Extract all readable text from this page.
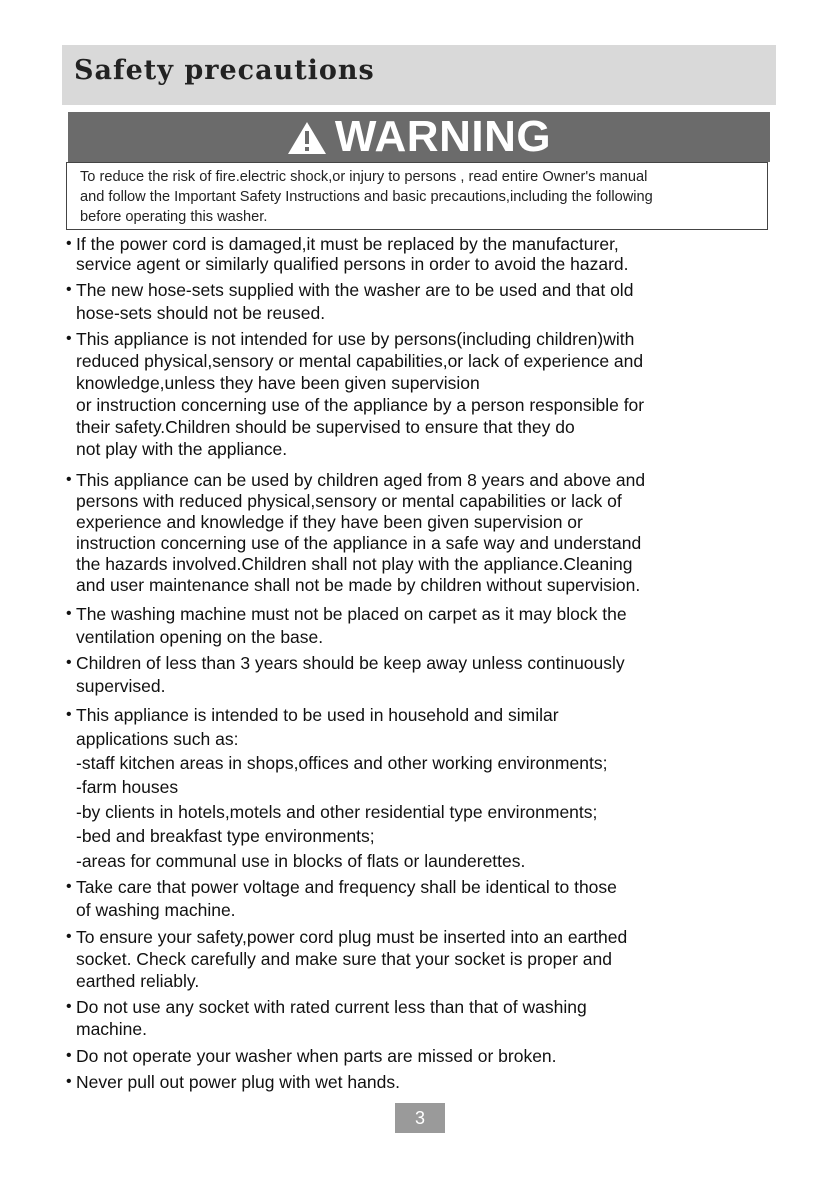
Safety precautions
WARNING
To reduce the risk of fire.electric shock,or injury to persons , read entire Owner's manual
and follow the Important Safety Instructions and basic precautions,including the following
before operating this washer.
• If the power cord is damaged,it must be replaced by the manufacturer,
service agent or similarly qualified persons in order to avoid the hazard.
• The new hose-sets supplied with the washer are to be used and that old
hose-sets should not be reused.
• This appliance is not intended for use by persons(including children)with
reduced physical,sensory or mental capabilities,or lack of experience and
knowledge,unless they have been given supervision
or instruction concerning use of the appliance by a person responsible for
their safety.Children should be supervised to ensure that they do
not play with the appliance.
• This appliance can be used by children aged from 8 years and above and
persons with reduced physical,sensory or mental capabilities or lack of
experience and knowledge if they have been given supervision or
instruction concerning use of the appliance in a safe way and understand
the hazards involved.Children shall not play with the appliance.Cleaning
and user maintenance shall not be made by children without supervision.
• The washing machine must not be placed on carpet as it may block the
ventilation opening on the base.
• Children of less than 3 years should be keep away unless continuously
supervised.
• This appliance is intended to be used in household and similar
applications such as:
-staff kitchen areas in shops,offices and other working environments;
-farm houses
-by clients in hotels,motels and other residential type environments;
-bed and breakfast type environments;
-areas for communal use in blocks of flats or launderettes.
• Take care that power voltage and frequency shall be identical to those
of washing machine.
• To ensure your safety,power cord plug must be inserted into an earthed
socket. Check carefully and make sure that your socket is proper and
earthed reliably.
• Do not use any socket with rated current less than that of washing
machine.
• Do not operate your washer when parts are missed or broken.
• Never pull out power plug with wet hands.
3
